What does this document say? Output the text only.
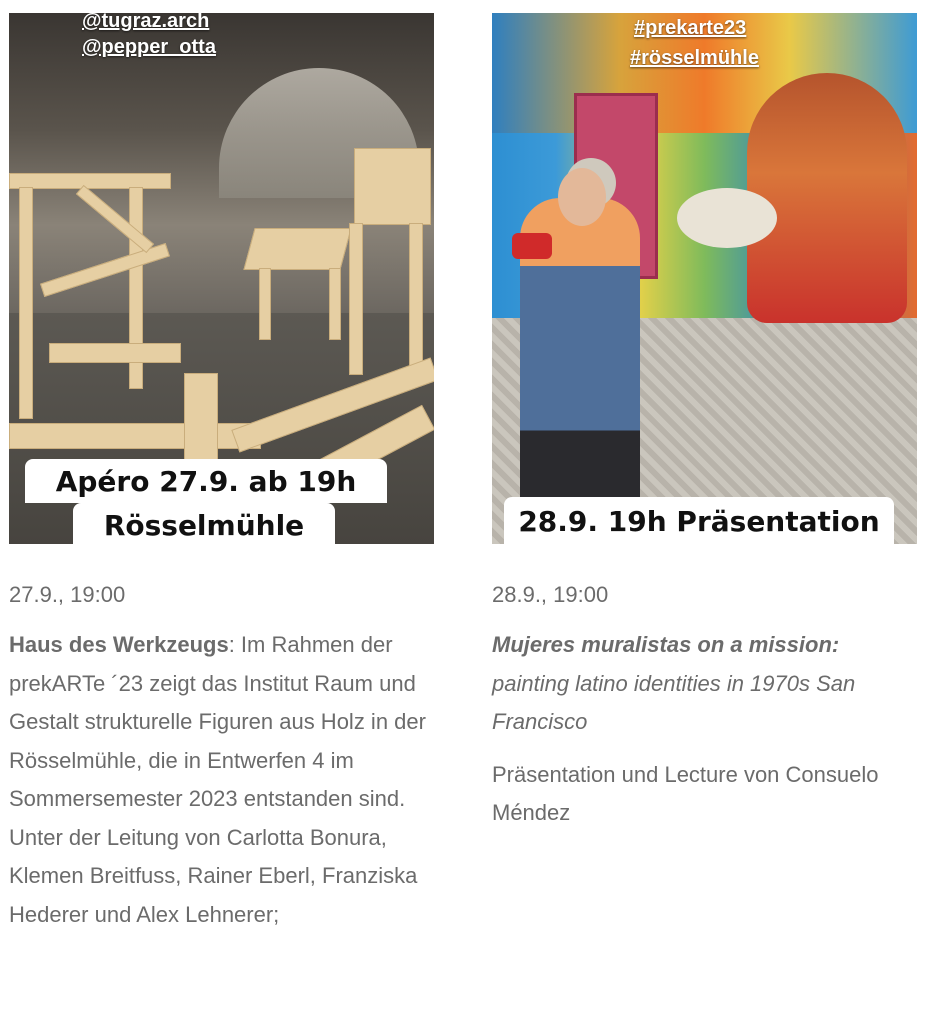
@tugraz.arch
@pepper_otta
Apéro 27.9. ab 19h
Rösselmühle
27.9., 19:00
Haus des Werkzeugs: Im Rahmen der prekARTe ´23 zeigt das Institut Raum und Gestalt strukturelle Figuren aus Holz in der Rösselmühle, die in Entwerfen 4 im Sommersemester 2023 entstanden sind. Unter der Leitung von Carlotta Bonura, Klemen Breitfuss, Rainer Eberl, Franziska Hederer und Alex Lehnerer;
#prekarte23
#rösselmühle
28.9. 19h Präsentation
28.9., 19:00
Mujeres muralistas on a mission:
painting latino identities in 1970s San Francisco
Präsentation und Lecture von Consuelo Méndez
